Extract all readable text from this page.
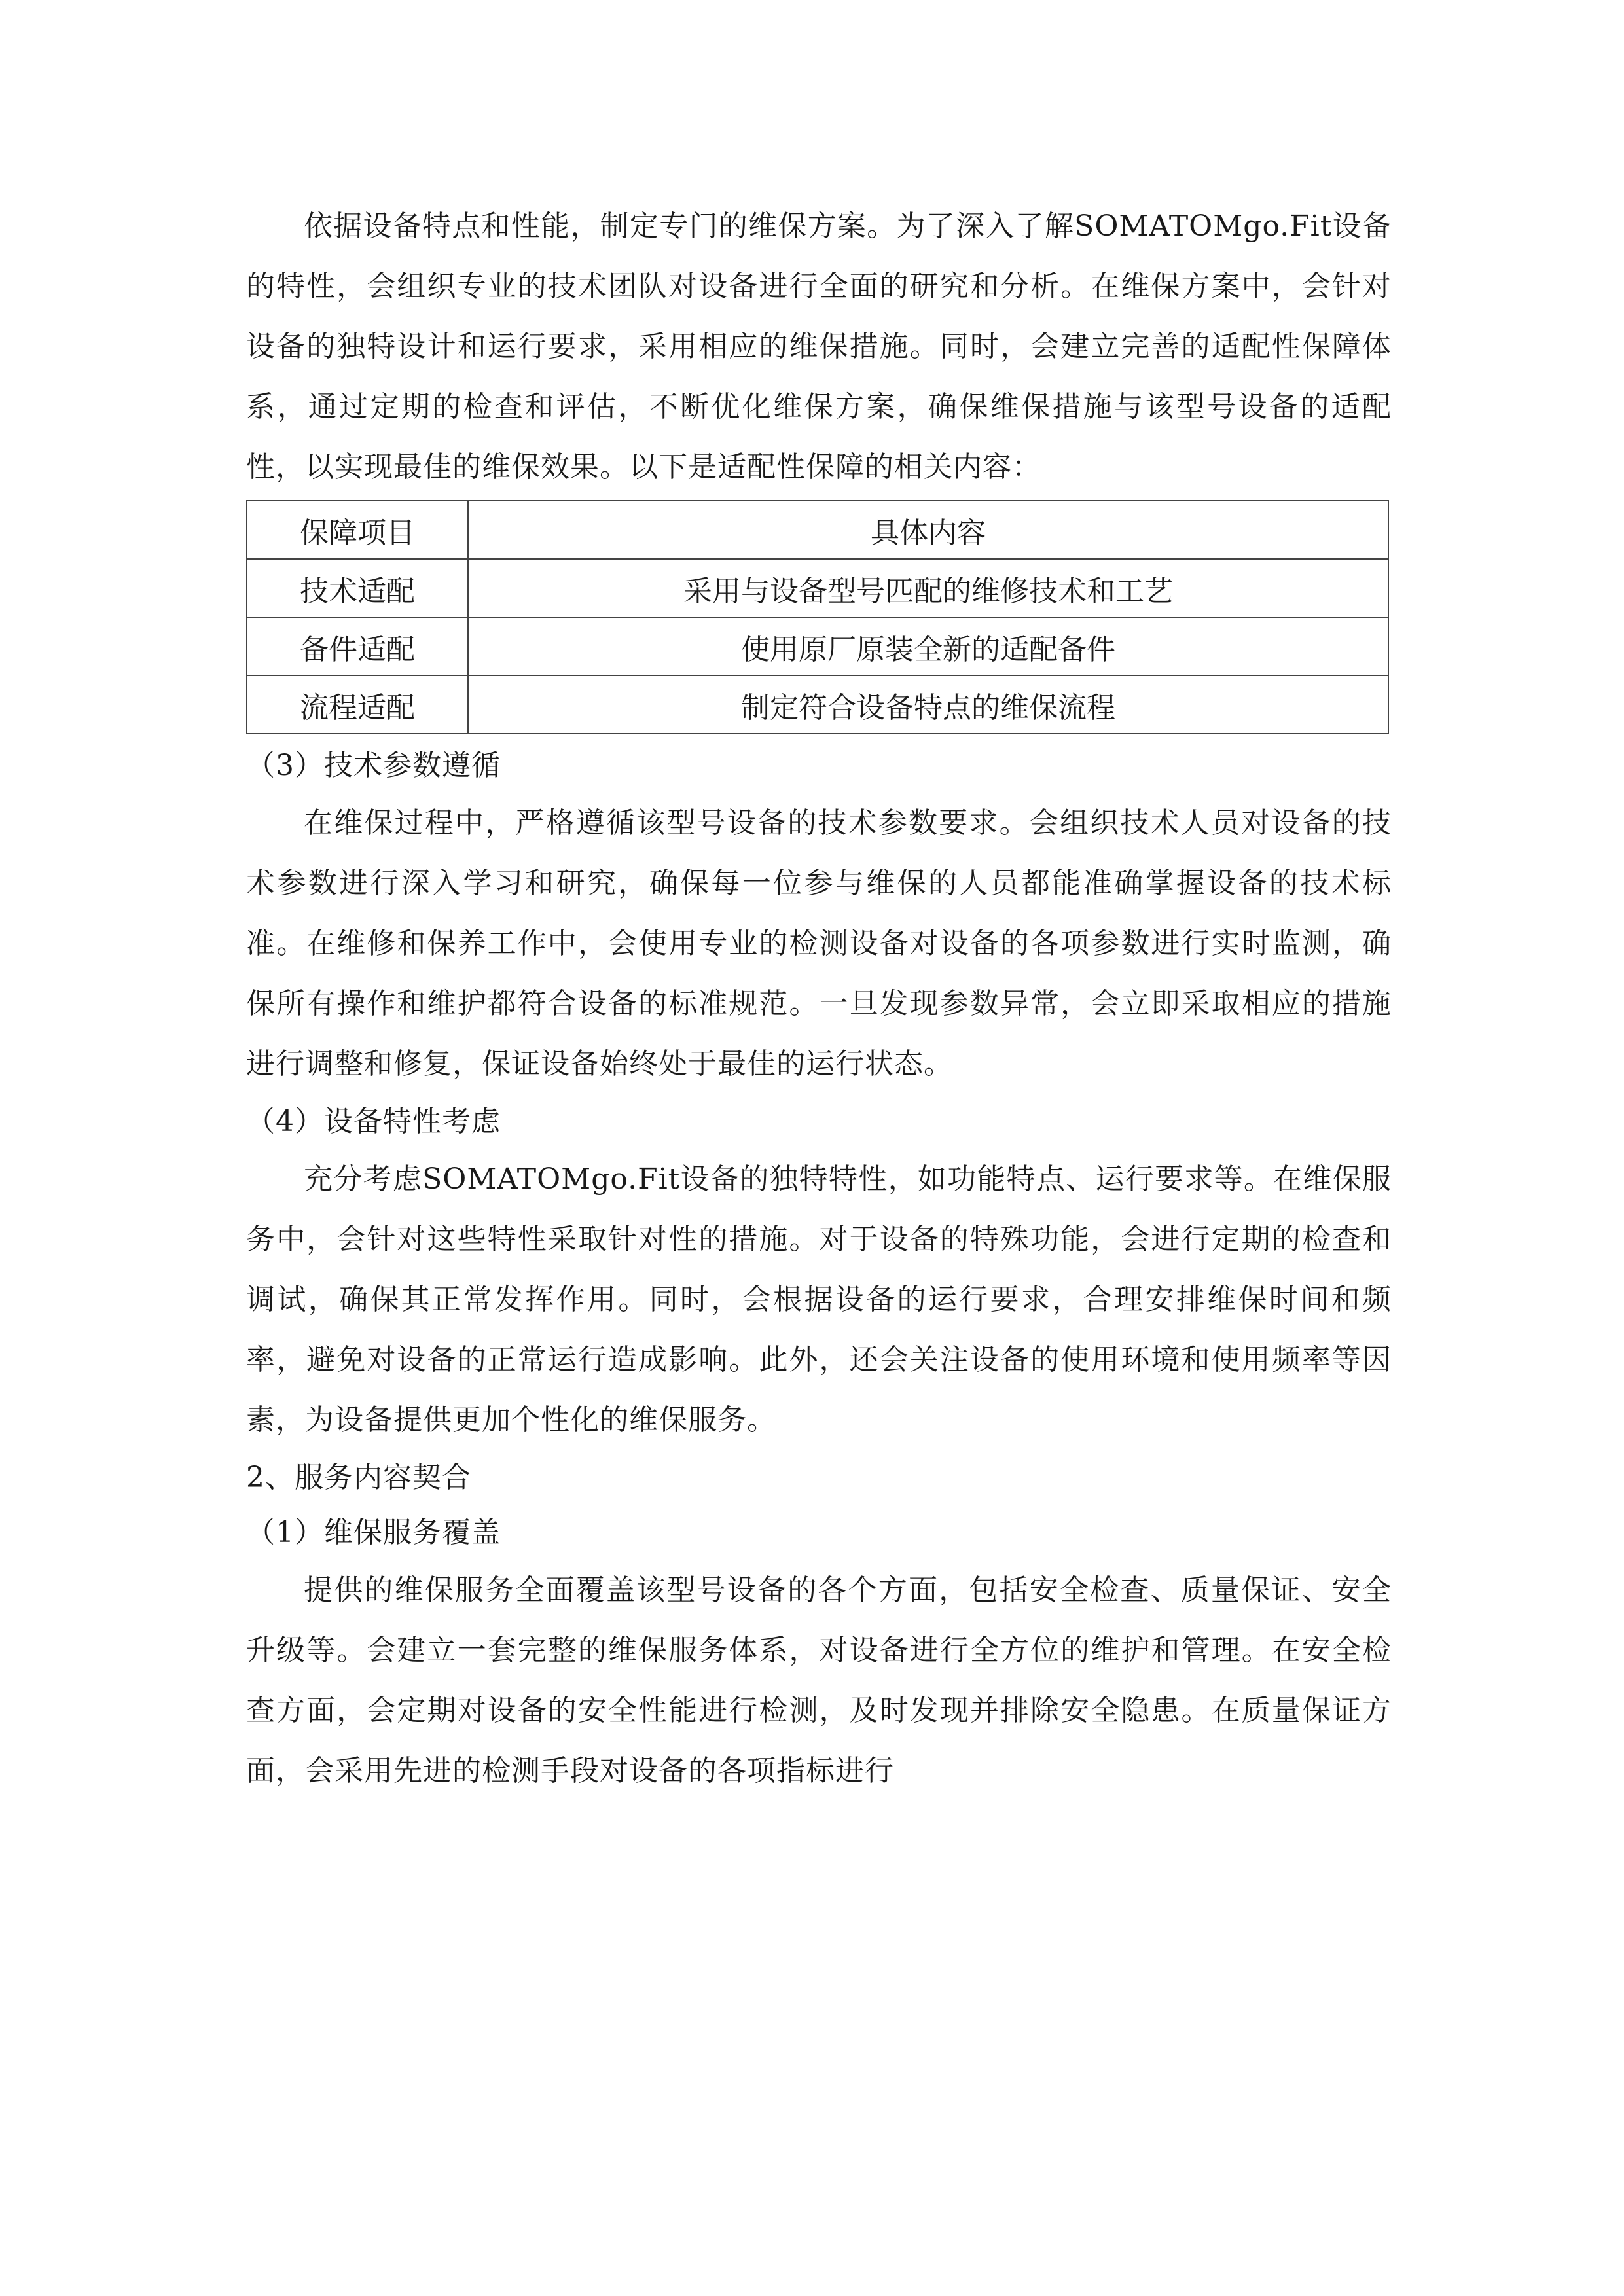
依据设备特点和性能，制定专门的维保方案。为了深入了解SOMATOMgo.Fit设备的特性，会组织专业的技术团队对设备进行全面的研究和分析。在维保方案中，会针对设备的独特设计和运行要求，采用相应的维保措施。同时，会建立完善的适配性保障体系，通过定期的检查和评估，不断优化维保方案，确保维保措施与该型号设备的适配性，以实现最佳的维保效果。以下是适配性保障的相关内容：

保障项目	具体内容
技术适配	采用与设备型号匹配的维修技术和工艺
备件适配	使用原厂原装全新的适配备件
流程适配	制定符合设备特点的维保流程

（3）技术参数遵循

在维保过程中，严格遵循该型号设备的技术参数要求。会组织技术人员对设备的技术参数进行深入学习和研究，确保每一位参与维保的人员都能准确掌握设备的技术标准。在维修和保养工作中，会使用专业的检测设备对设备的各项参数进行实时监测，确保所有操作和维护都符合设备的标准规范。一旦发现参数异常，会立即采取相应的措施进行调整和修复，保证设备始终处于最佳的运行状态。

（4）设备特性考虑

充分考虑SOMATOMgo.Fit设备的独特特性，如功能特点、运行要求等。在维保服务中，会针对这些特性采取针对性的措施。对于设备的特殊功能，会进行定期的检查和调试，确保其正常发挥作用。同时，会根据设备的运行要求，合理安排维保时间和频率，避免对设备的正常运行造成影响。此外，还会关注设备的使用环境和使用频率等因素，为设备提供更加个性化的维保服务。

2、服务内容契合

（1）维保服务覆盖

提供的维保服务全面覆盖该型号设备的各个方面，包括安全检查、质量保证、安全升级等。会建立一套完整的维保服务体系，对设备进行全方位的维护和管理。在安全检查方面，会定期对设备的安全性能进行检测，及时发现并排除安全隐患。在质量保证方面，会采用先进的检测手段对设备的各项指标进行
